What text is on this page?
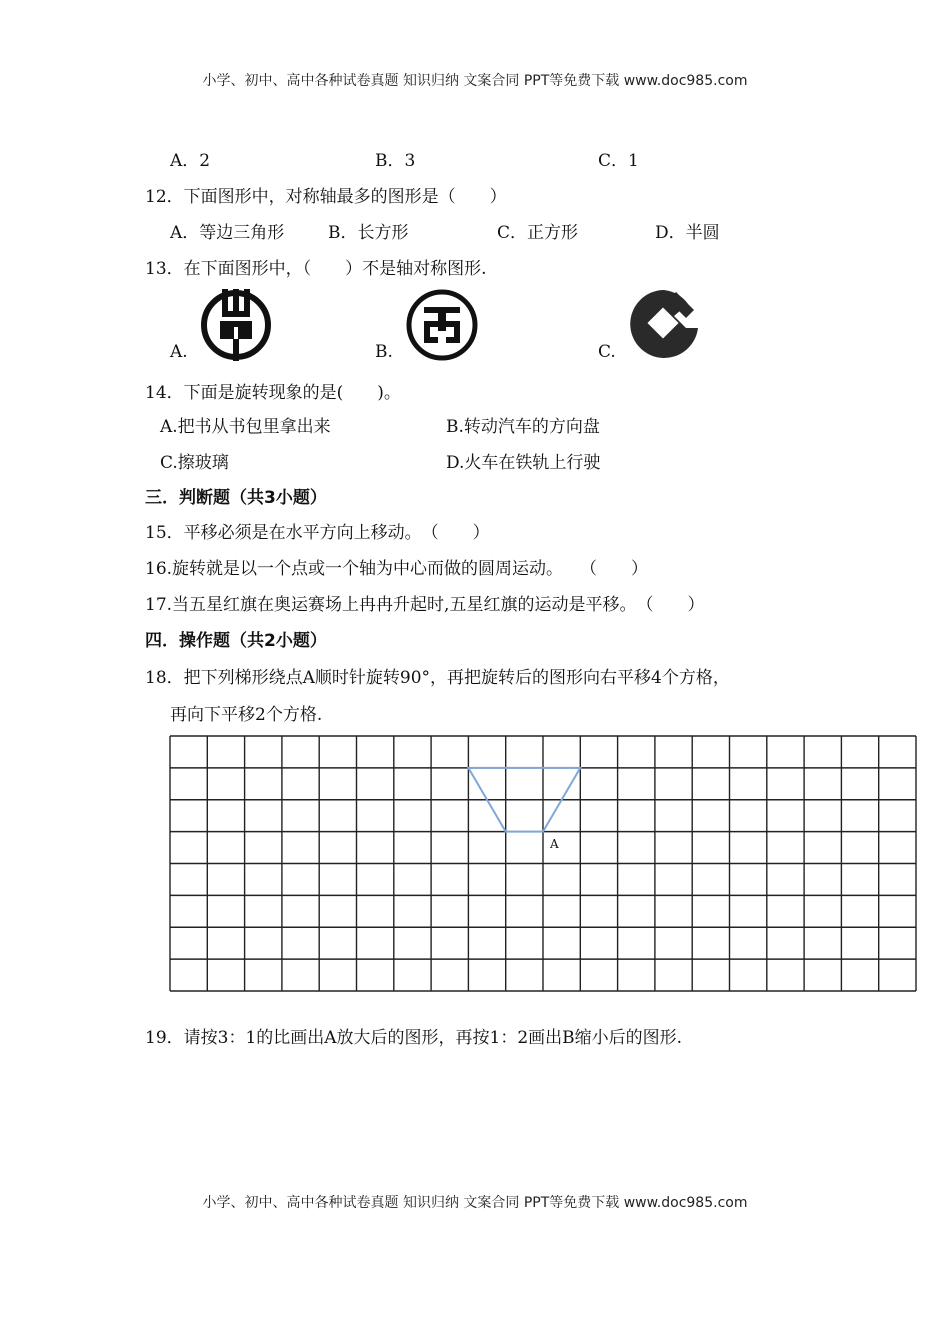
小学、初中、高中各种试卷真题 知识归纳 文案合同 PPT等免费下载 www.doc985.com
A．2	B．3	C．1
12．下面图形中，对称轴最多的图形是（　　）
A．等边三角形	B．长方形	C．正方形	D．半圆
13．在下面图形中，（　　）不是轴对称图形.
A.	B.	C.
14．下面是旋转现象的是(　　)。
A.把书从书包里拿出来	B.转动汽车的方向盘
C.擦玻璃	D.火车在铁轨上行驶
三．判断题（共3小题）
15．平移必须是在水平方向上移动。　（　　）
16.旋转就是以一个点或一个轴为中心而做的圆周运动。　　（　　）
17.当五星红旗在奥运赛场上冉冉升起时,五星红旗的运动是平移。　（　　）
四．操作题（共2小题）
18．把下列梯形绕点A顺时针旋转90°，再把旋转后的图形向右平移4个方格，
再向下平移2个方格.
A
19．请按3：1的比画出A放大后的图形，再按1：2画出B缩小后的图形.
小学、初中、高中各种试卷真题 知识归纳 文案合同 PPT等免费下载 www.doc985.com
